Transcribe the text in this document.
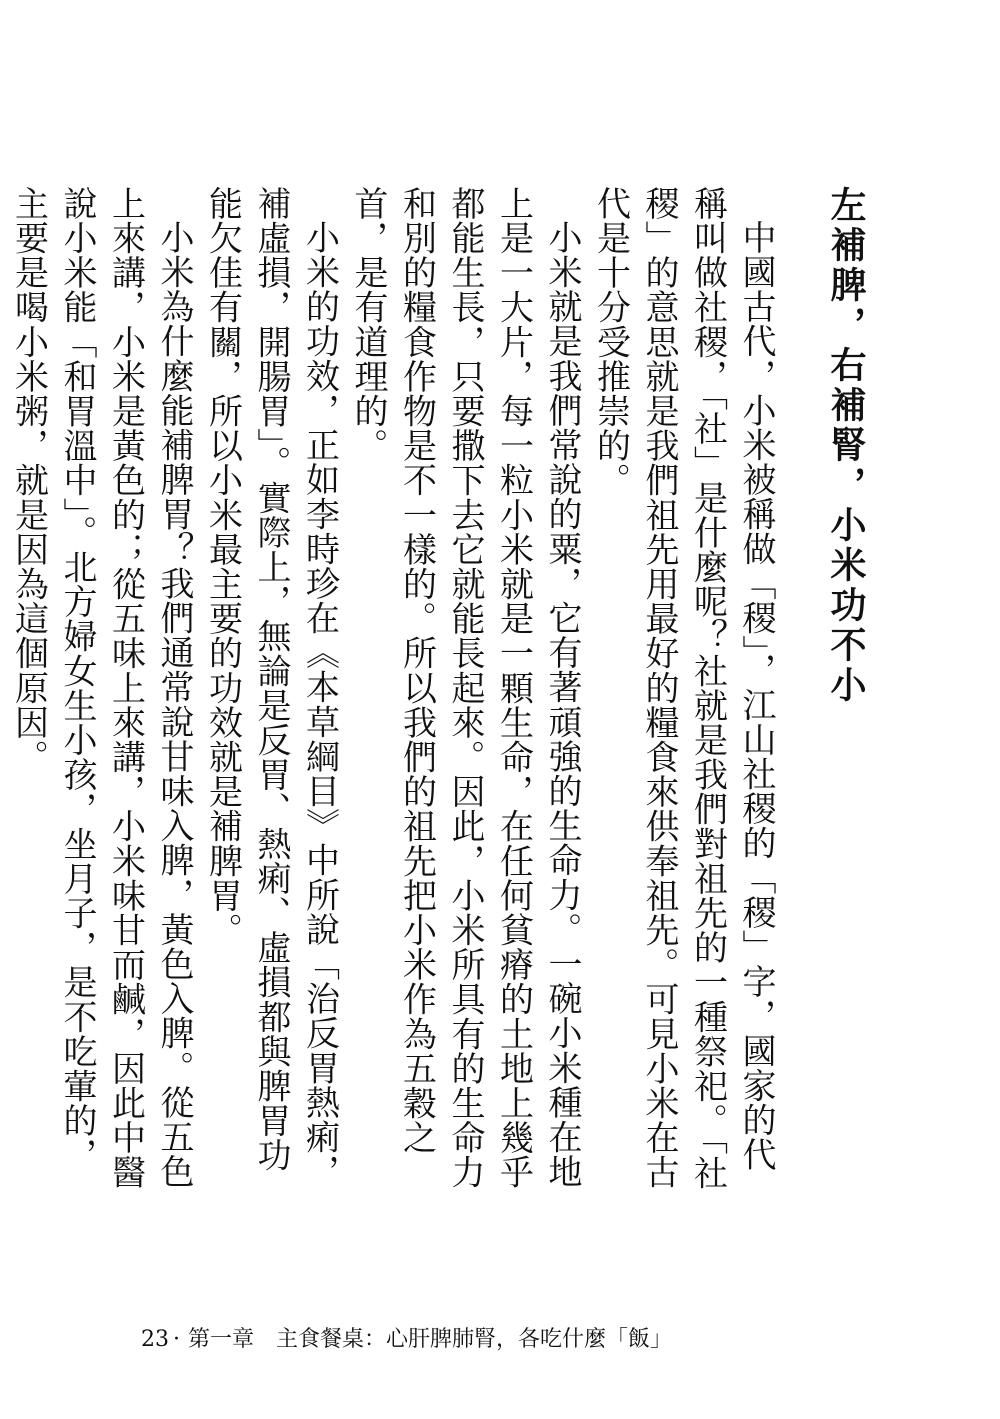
左補脾，右補腎，小米功不小

中國古代，小米被稱做「稷」，江山社稷的「稷」字，國家的代稱叫做社稷，「社」是什麼呢？社就是我們對祖先的一種祭祀。「社稷」的意思就是我們祖先用最好的糧食來供奉祖先。可見小米在古代是十分受推崇的。

小米就是我們常說的粟，它有著頑強的生命力。一碗小米種在地上是一大片，每一粒小米就是一顆生命，在任何貧瘠的土地上幾乎都能生長，只要撒下去它就能長起來。因此，小米所具有的生命力和別的糧食作物是不一樣的。所以我們的祖先把小米作為五穀之首，是有道理的。

小米的功效，正如李時珍在《本草綱目》中所說「治反胃熱痢，補虛損，開腸胃」。實際上，無論是反胃、熱痢、虛損都與脾胃功能欠佳有關，所以小米最主要的功效就是補脾胃。

小米為什麼能補脾胃？我們通常說甘味入脾，黃色入脾。從五色上來講，小米是黃色的；從五味上來講，小米味甘而鹹，因此中醫說小米能「和胃溫中」。北方婦女生小孩，坐月子，是不吃葷的，主要是喝小米粥，就是因為這個原因。

23 · 第一章　主食餐桌：心肝脾肺腎，各吃什麼「飯」
